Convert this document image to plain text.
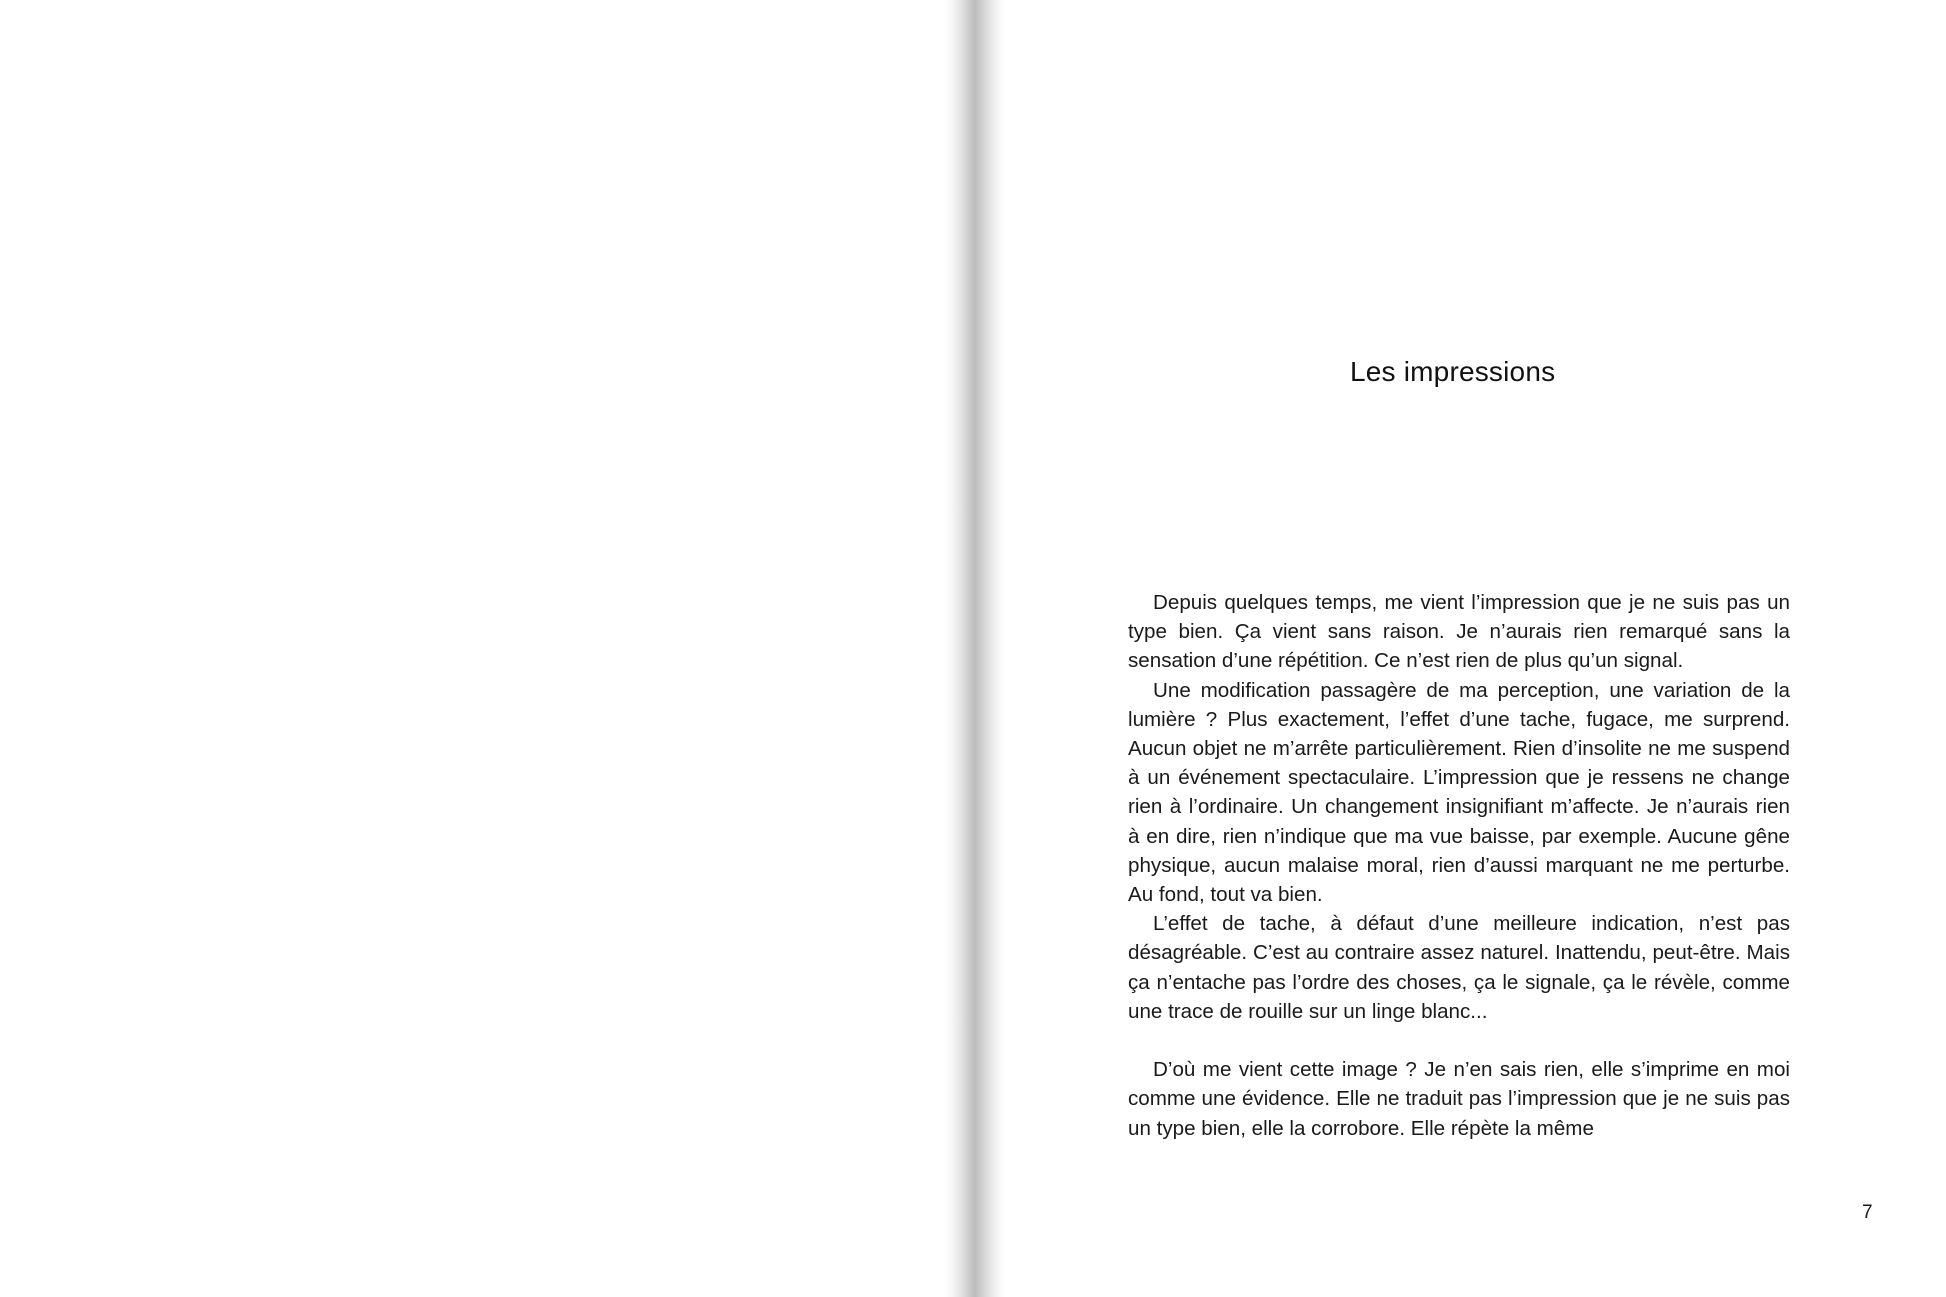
Les impressions

Depuis quelques temps, me vient l’impression que je ne suis pas un type bien. Ça vient sans raison. Je n’aurais rien remarqué sans la sensation d’une répétition. Ce n’est rien de plus qu’un signal.

Une modification passagère de ma perception, une variation de la lumière ? Plus exactement, l’effet d’une tache, fugace, me surprend. Aucun objet ne m’arrête particulièrement. Rien d’insolite ne me suspend à un événement spectaculaire. L’impression que je ressens ne change rien à l’ordinaire. Un changement insignifiant m’affecte. Je n’aurais rien à en dire, rien n’indique que ma vue baisse, par exemple. Aucune gêne physique, aucun malaise moral, rien d’aussi marquant ne me perturbe. Au fond, tout va bien.

L’effet de tache, à défaut d’une meilleure indication, n’est pas désagréable. C’est au contraire assez naturel. Inattendu, peut-être. Mais ça n’entache pas l’ordre des choses, ça le signale, ça le révèle, comme une trace de rouille sur un linge blanc...

D’où me vient cette image ? Je n’en sais rien, elle s’imprime en moi comme une évidence. Elle ne traduit pas l’impression que je ne suis pas un type bien, elle la corrobore. Elle répète la même

7
